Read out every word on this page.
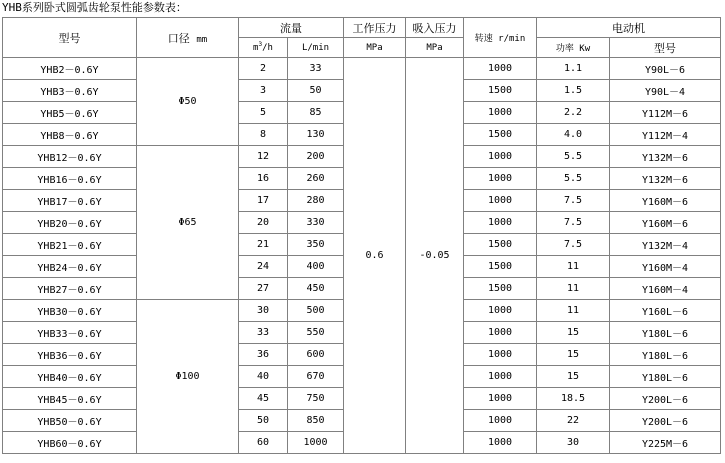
YHB系列卧式圆弧齿轮泵性能参数表：
型号	口径 mm	流量		工作压力	吸入压力	转速 r/min	电动机	
		$m^3/h$	L/min	MPa	MPa		功率 Kw	型号
YHB2－0.6Y	Φ50	2	33	0.6	-0.05	1000	1.1	Y90L－6
YHB3－0.6Y		3	50			1500	1.5	Y90L－4
YHB5－0.6Y		5	85			1000	2.2	Y112M－6
YHB8－0.6Y		8	130			1500	4.0	Y112M－4
YHB12－0.6Y	Φ65	12	200			1000	5.5	Y132M－6
YHB16－0.6Y		16	260			1000	5.5	Y132M－6
YHB17－0.6Y		17	280			1000	7.5	Y160M－6
YHB20－0.6Y		20	330			1000	7.5	Y160M－6
YHB21－0.6Y		21	350			1500	7.5	Y132M－4
YHB24－0.6Y		24	400			1500	11	Y160M－4
YHB27－0.6Y		27	450			1500	11	Y160M－4
YHB30－0.6Y	Φ100	30	500			1000	11	Y160L－6
YHB33－0.6Y		33	550			1000	15	Y180L－6
YHB36－0.6Y		36	600			1000	15	Y180L－6
YHB40－0.6Y		40	670			1000	15	Y180L－6
YHB45－0.6Y		45	750			1000	18.5	Y200L－6
YHB50－0.6Y		50	850			1000	22	Y200L－6
YHB60－0.6Y		60	1000			1000	30	Y225M－6
